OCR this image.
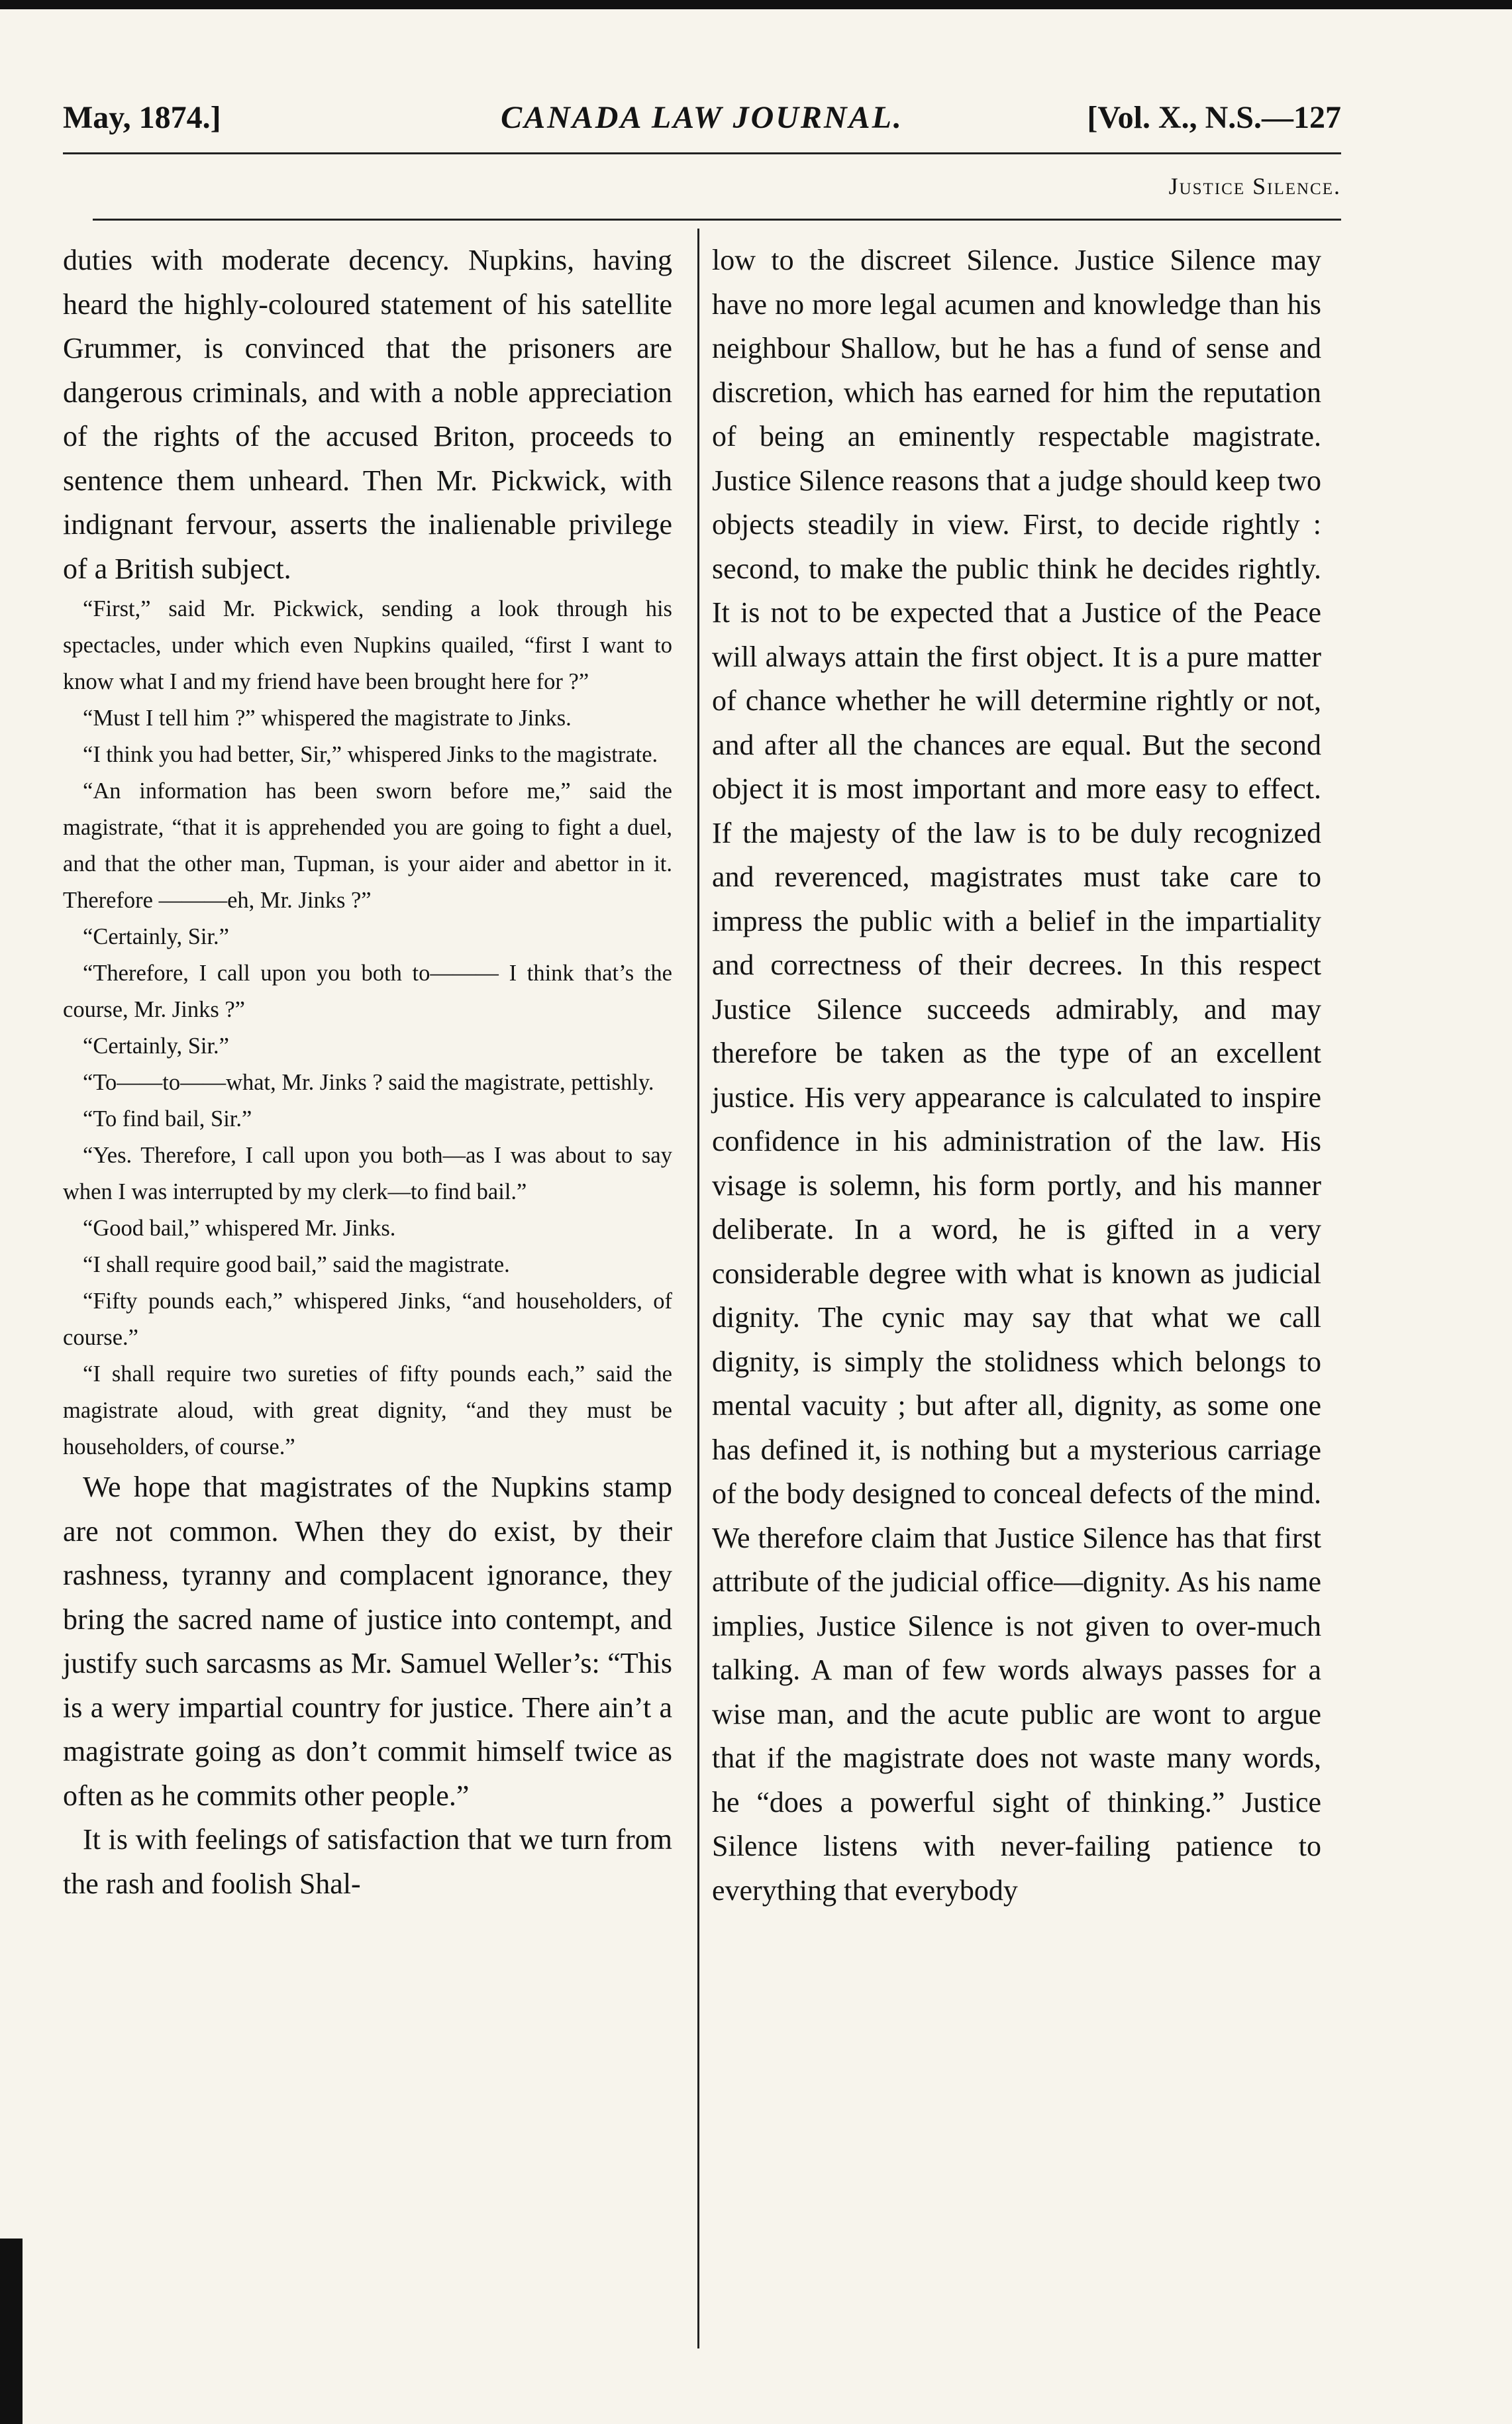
May, 1874.]	CANADA LAW JOURNAL.	[Vol. X., N.S.—127
Justice Silence.

duties with moderate decency. Nupkins, having heard the highly-coloured statement of his satellite Grummer, is convinced that the prisoners are dangerous criminals, and with a noble appreciation of the rights of the accused Briton, proceeds to sentence them unheard. Then Mr. Pickwick, with indignant fervour, asserts the inalienable privilege of a British subject.

“First,” said Mr. Pickwick, sending a look through his spectacles, under which even Nupkins quailed, “first I want to know what I and my friend have been brought here for ?”

“Must I tell him ?” whispered the magistrate to Jinks.

“I think you had better, Sir,” whispered Jinks to the magistrate.

“An information has been sworn before me,” said the magistrate, “that it is apprehended you are going to fight a duel, and that the other man, Tupman, is your aider and abettor in it. Therefore ———eh, Mr. Jinks ?”

“Certainly, Sir.”

“Therefore, I call upon you both to——— I think that’s the course, Mr. Jinks ?”

“Certainly, Sir.”

“To——to——what, Mr. Jinks ? said the magistrate, pettishly.

“To find bail, Sir.”

“Yes. Therefore, I call upon you both—as I was about to say when I was interrupted by my clerk—to find bail.”

“Good bail,” whispered Mr. Jinks.

“I shall require good bail,” said the magistrate.

“Fifty pounds each,” whispered Jinks, “and householders, of course.”

“I shall require two sureties of fifty pounds each,” said the magistrate aloud, with great dignity, “and they must be householders, of course.”

We hope that magistrates of the Nupkins stamp are not common. When they do exist, by their rashness, tyranny and complacent ignorance, they bring the sacred name of justice into contempt, and justify such sarcasms as Mr. Samuel Weller’s: “This is a wery impartial country for justice. There ain’t a magistrate going as don’t commit himself twice as often as he commits other people.”

It is with feelings of satisfaction that we turn from the rash and foolish Shal-

low to the discreet Silence. Justice Silence may have no more legal acumen and knowledge than his neighbour Shallow, but he has a fund of sense and discretion, which has earned for him the reputation of being an eminently respectable magistrate. Justice Silence reasons that a judge should keep two objects steadily in view. First, to decide rightly : second, to make the public think he decides rightly. It is not to be expected that a Justice of the Peace will always attain the first object. It is a pure matter of chance whether he will determine rightly or not, and after all the chances are equal. But the second object it is most important and more easy to effect. If the majesty of the law is to be duly recognized and reverenced, magistrates must take care to impress the public with a belief in the impartiality and correctness of their decrees. In this respect Justice Silence succeeds admirably, and may therefore be taken as the type of an excellent justice. His very appearance is calculated to inspire confidence in his administration of the law. His visage is solemn, his form portly, and his manner deliberate. In a word, he is gifted in a very considerable degree with what is known as judicial dignity. The cynic may say that what we call dignity, is simply the stolidness which belongs to mental vacuity ; but after all, dignity, as some one has defined it, is nothing but a mysterious carriage of the body designed to conceal defects of the mind. We therefore claim that Justice Silence has that first attribute of the judicial office—dignity. As his name implies, Justice Silence is not given to over-much talking. A man of few words always passes for a wise man, and the acute public are wont to argue that if the magistrate does not waste many words, he “does a powerful sight of thinking.” Justice Silence listens with never-failing patience to everything that everybody
